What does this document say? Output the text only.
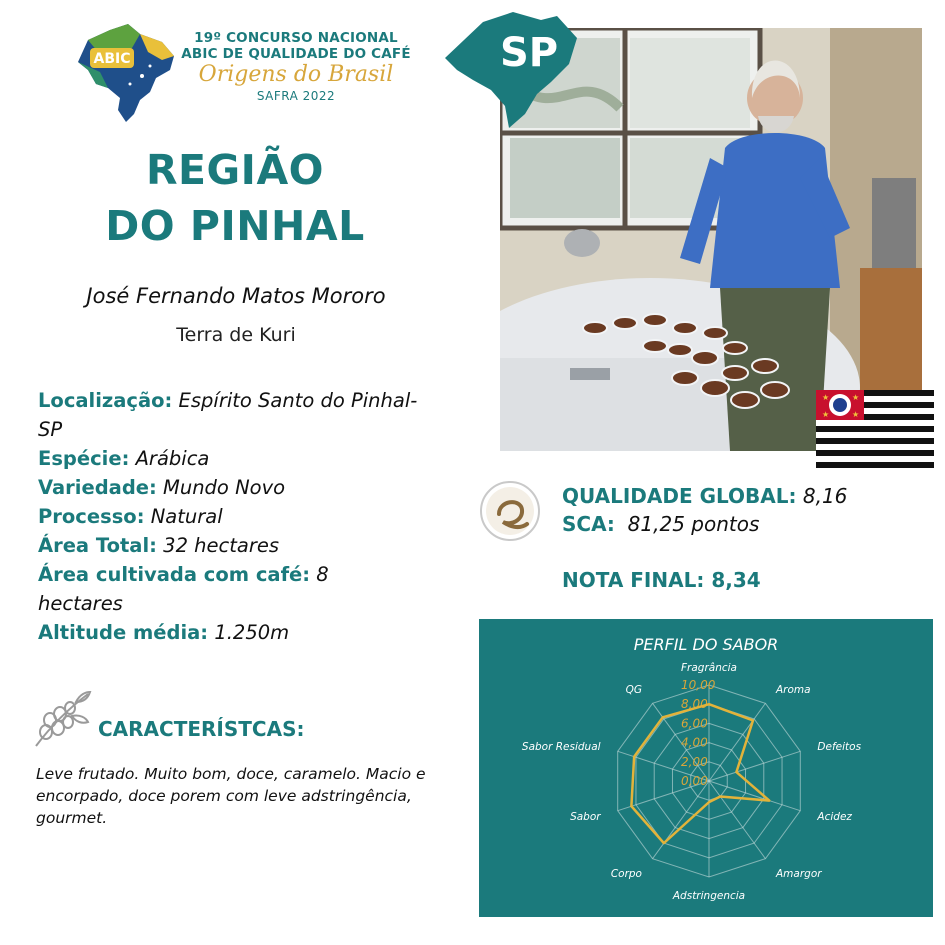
ABIC
19º CONCURSO NACIONAL
ABIC DE QUALIDADE DO CAFÉ
Origens do Brasil
SAFRA 2022
REGIÃO
DO PINHAL
José Fernando Matos Mororo
Terra de Kuri
Localização: Espírito Santo do Pinhal-SP
Espécie: Arábica
Variedade: Mundo Novo
Processo: Natural
Área Total: 32 hectares
Área cultivada com café: 8 hectares
Altitude média: 1.250m
CARACTERÍSTCAS:
Leve frutado. Muito bom, doce, caramelo. Macio e encorpado, doce porem com leve adstringência, gourmet.
SP
★	★
★	★
QUALIDADE GLOBAL: 8,16
SCA: 81,25 pontos
NOTA FINAL: 8,34
PERFIL DO SABOR
0,00
2,00
4,00
6,00
8,00
10,00
Fragrância
Aroma
Defeitos
Acidez
Amargor
Adstringencia
Corpo
Sabor
Sabor Residual
QG
